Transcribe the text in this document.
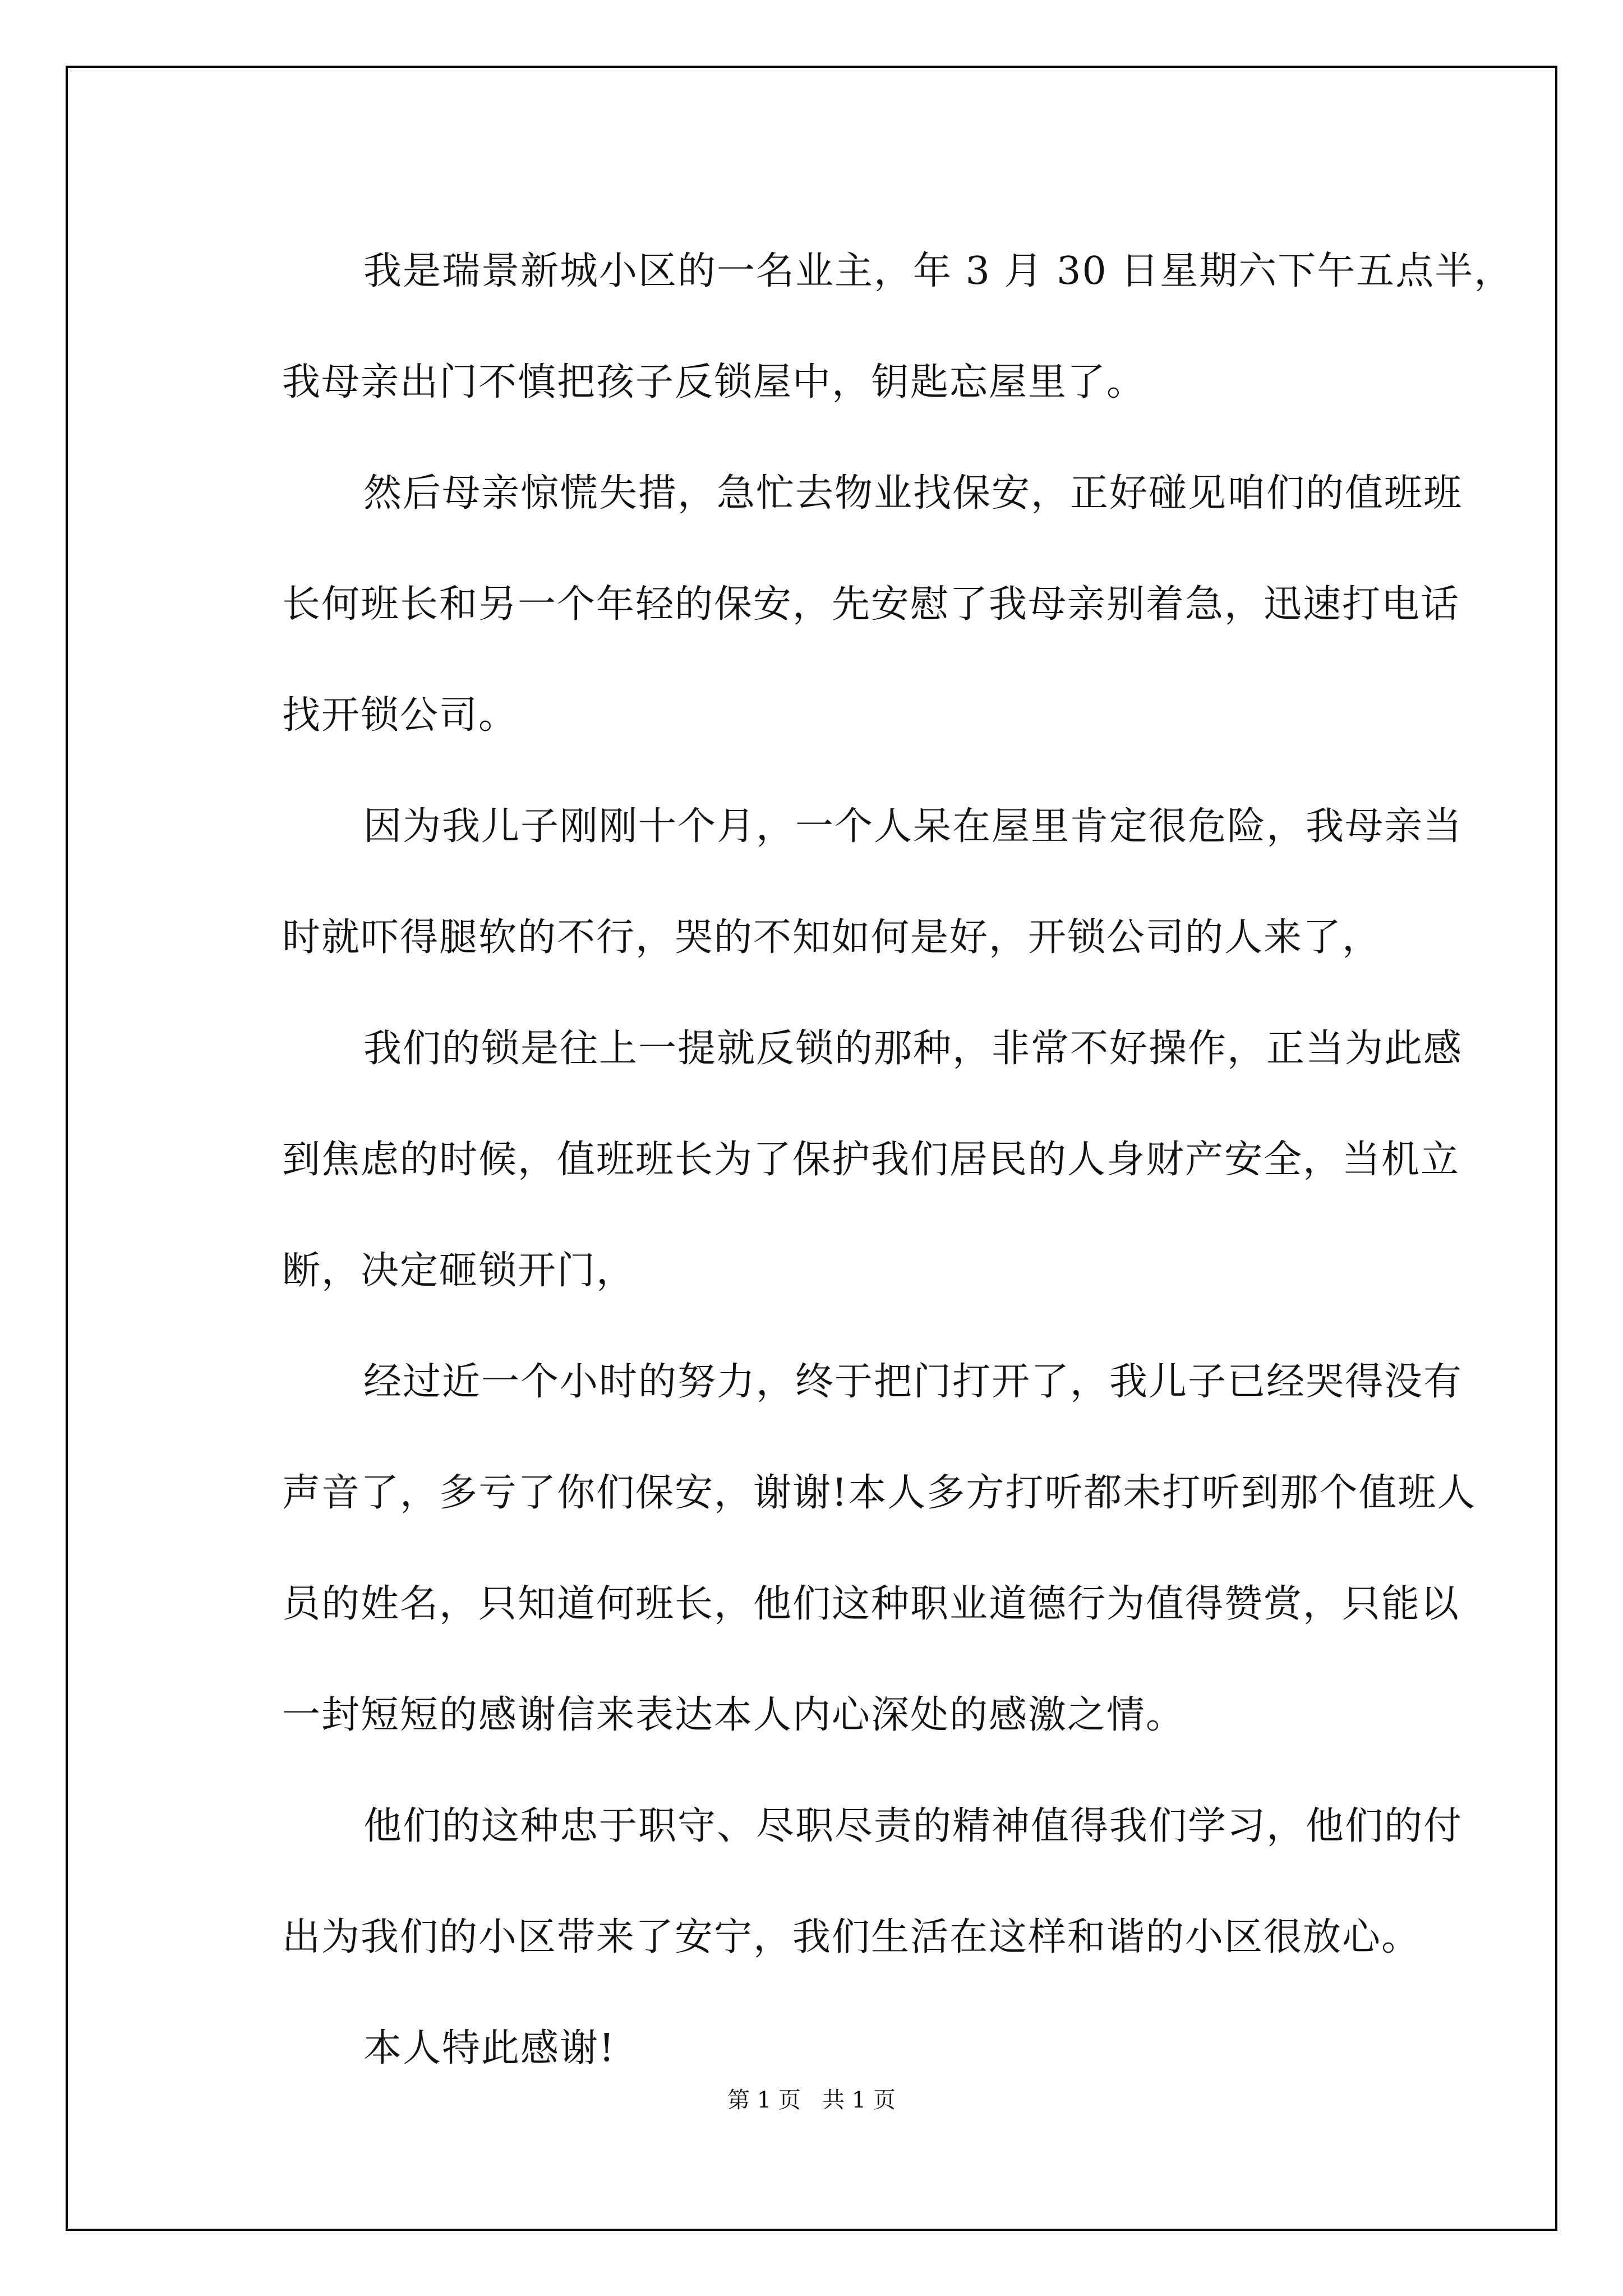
我是瑞景新城小区的一名业主，年 3 月 30 日星期六下午五点半，
我母亲出门不慎把孩子反锁屋中，钥匙忘屋里了。
然后母亲惊慌失措，急忙去物业找保安，正好碰见咱们的值班班
长何班长和另一个年轻的保安，先安慰了我母亲别着急，迅速打电话
找开锁公司。
因为我儿子刚刚十个月，一个人呆在屋里肯定很危险，我母亲当
时就吓得腿软的不行，哭的不知如何是好，开锁公司的人来了，
我们的锁是往上一提就反锁的那种，非常不好操作，正当为此感
到焦虑的时候，值班班长为了保护我们居民的人身财产安全，当机立
断，决定砸锁开门，
经过近一个小时的努力，终于把门打开了，我儿子已经哭得没有
声音了，多亏了你们保安，谢谢!本人多方打听都未打听到那个值班人
员的姓名，只知道何班长，他们这种职业道德行为值得赞赏，只能以
一封短短的感谢信来表达本人内心深处的感激之情。
他们的这种忠于职守、尽职尽责的精神值得我们学习，他们的付
出为我们的小区带来了安宁，我们生活在这样和谐的小区很放心。
本人特此感谢!
第 1 页   共 1 页
